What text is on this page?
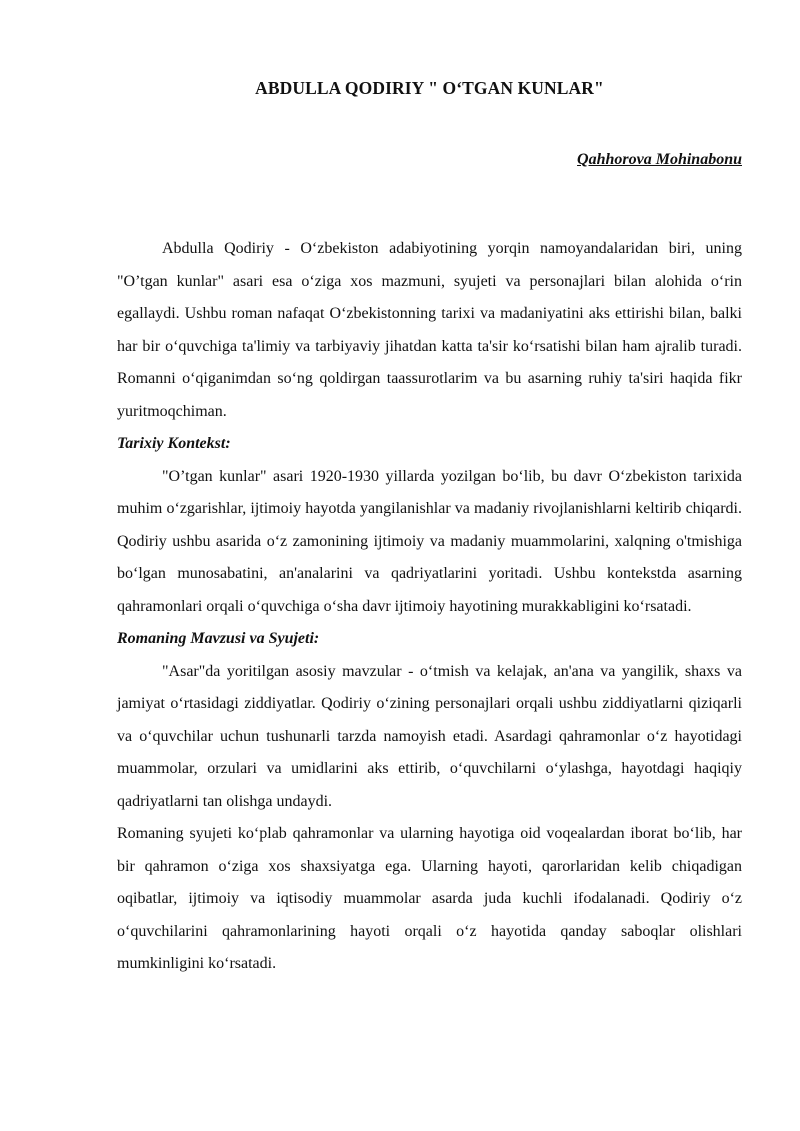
ABDULLA QODIRIY " O‘TGAN KUNLAR"

Qahhorova Mohinabonu

Abdulla Qodiriy - O‘zbekiston adabiyotining yorqin namoyandalaridan biri, uning "O’tgan kunlar" asari esa o‘ziga xos mazmuni, syujeti va personajlari bilan alohida o‘rin egallaydi. Ushbu roman nafaqat O‘zbekistonning tarixi va madaniyatini aks ettirishi bilan, balki har bir o‘quvchiga ta'limiy va tarbiyaviy jihatdan katta ta'sir ko‘rsatishi bilan ham ajralib turadi. Romanni o‘qiganimdan so‘ng qoldirgan taassurotlarim va bu asarning ruhiy ta'siri haqida fikr yuritmoqchiman.

Tarixiy Kontekst:

"O’tgan kunlar" asari 1920-1930 yillarda yozilgan bo‘lib, bu davr O‘zbekiston tarixida muhim o‘zgarishlar, ijtimoiy hayotda yangilanishlar va madaniy rivojlanishlarni keltirib chiqardi. Qodiriy ushbu asarida o‘z zamonining ijtimoiy va madaniy muammolarini, xalqning o'tmishiga bo‘lgan munosabatini, an'analarini va qadriyatlarini yoritadi. Ushbu kontekstda asarning qahramonlari orqali o‘quvchiga o‘sha davr ijtimoiy hayotining murakkabligini ko‘rsatadi.

Romaning Mavzusi va Syujeti:

"Asar"da yoritilgan asosiy mavzular - o‘tmish va kelajak, an'ana va yangilik, shaxs va jamiyat o‘rtasidagi ziddiyatlar. Qodiriy o‘zining personajlari orqali ushbu ziddiyatlarni qiziqarli va o‘quvchilar uchun tushunarli tarzda namoyish etadi. Asardagi qahramonlar o‘z hayotidagi muammolar, orzulari va umidlarini aks ettirib, o‘quvchilarni o‘ylashga, hayotdagi haqiqiy qadriyatlarni tan olishga undaydi.

Romaning syujeti ko‘plab qahramonlar va ularning hayotiga oid voqealardan iborat bo‘lib, har bir qahramon o‘ziga xos shaxsiyatga ega. Ularning hayoti, qarorlaridan kelib chiqadigan oqibatlar, ijtimoiy va iqtisodiy muammolar asarda juda kuchli ifodalanadi. Qodiriy o‘z o‘quvchilarini qahramonlarining hayoti orqali o‘z hayotida qanday saboqlar olishlari mumkinligini ko‘rsatadi.
